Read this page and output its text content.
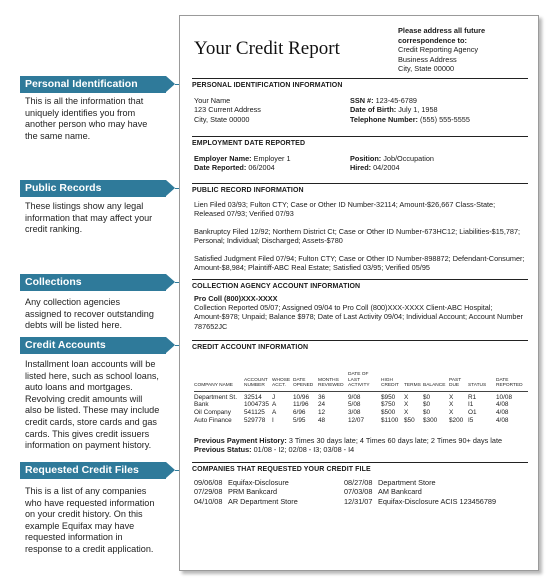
Personal Identification
This is all the information that
uniquely identifies you from
another person who may have
the same name.
Public Records
These listings show any legal
information that may affect your
credit ranking.
Collections
Any collection agencies
assigned to recover outstanding
debts will be listed here.
Credit Accounts
Installment loan accounts will be
listed here, such as school loans,
auto loans and mortgages.
Revolving credit amounts will
also be listed. These may include
credit cards, store cards and gas
cards. This gives credit issuers
information on payment history.
Requested Credit Files
This is a list of any companies
who have requested information
on your credit history. On this
example Equifax may have
requested information in
response to a credit application.
Your Credit Report
Please address all future
correspondence to:
Credit Reporting Agency
Business Address
City, State 00000
PERSONAL IDENTIFICATION INFORMATION
Your Name
123 Current Address
City, State 00000
SSN #: 123-45-6789
Date of Birth: July 1, 1958
Telephone Number: (555) 555-5555
EMPLOYMENT DATE REPORTED
Employer Name: Employer 1
Date Reported: 06/2004
Position: Job/Occupation
Hired: 04/2004
PUBLIC RECORD INFORMATION
Lien Filed 03/93; Fulton CTY; Case or Other ID Number-32114; Amount-$26,667 Class-State; Released 07/93; Verified 07/93
Bankruptcy Filed 12/92; Northern District Ct; Case or Other ID Number-673HC12; Liabilities-$15,787; Personal; Individual; Discharged; Assets-$780
Satisfied Judgment Filed 07/94; Fulton CTY; Case or Other ID Number-898872; Defendant-Consumer; Amount-$8,984; Plaintiff-ABC Real Estate; Satisfied 03/95; Verified 05/95
COLLECTION AGENCY ACCOUNT INFORMATION
Pro Coll (800)XXX-XXXX
Collection Reported 05/07; Assigned 09/04 to Pro Coll (800)XXX-XXXX Client-ABC Hospital; Amount-$978; Unpaid; Balance $978; Date of Last Activity 09/04; Individual Account; Account Number 787652JC
CREDIT ACCOUNT INFORMATION
COMPANY NAME	ACCOUNT NUMBER	WHOSE ACCT.	DATE OPENED	MONTHS REVIEWED	DATE OF LAST ACTIVITY	HIGH CREDIT	TERMS	BALANCE	PAST DUE	STATUS	DATE REPORTED
Department St.	32514	J	10/96	36	9/08	$950	X	$0	X	R1	10/08
Bank	1004735	A	11/96	24	5/08	$750	X	$0	X	I1	4/08
Oil Company	541125	A	6/96	12	3/08	$500	X	$0	X	O1	4/08
Auto Finance	529778	I	5/95	48	12/07	$1100	$50	$300	$200	I5	4/08
Previous Payment History: 3 Times 30 days late; 4 Times 60 days late; 2 Times 90+ days late
Previous Status: 01/08 - I2; 02/08 - I3; 03/08 - I4
COMPANIES THAT REQUESTED YOUR CREDIT FILE
09/06/08 Equifax-Disclosure
07/29/08 PRM Bankcard
04/10/08 AR Department Store
08/27/08 Department Store
07/03/08 AM Bankcard
12/31/07 Equifax-Disclosure ACIS 123456789
